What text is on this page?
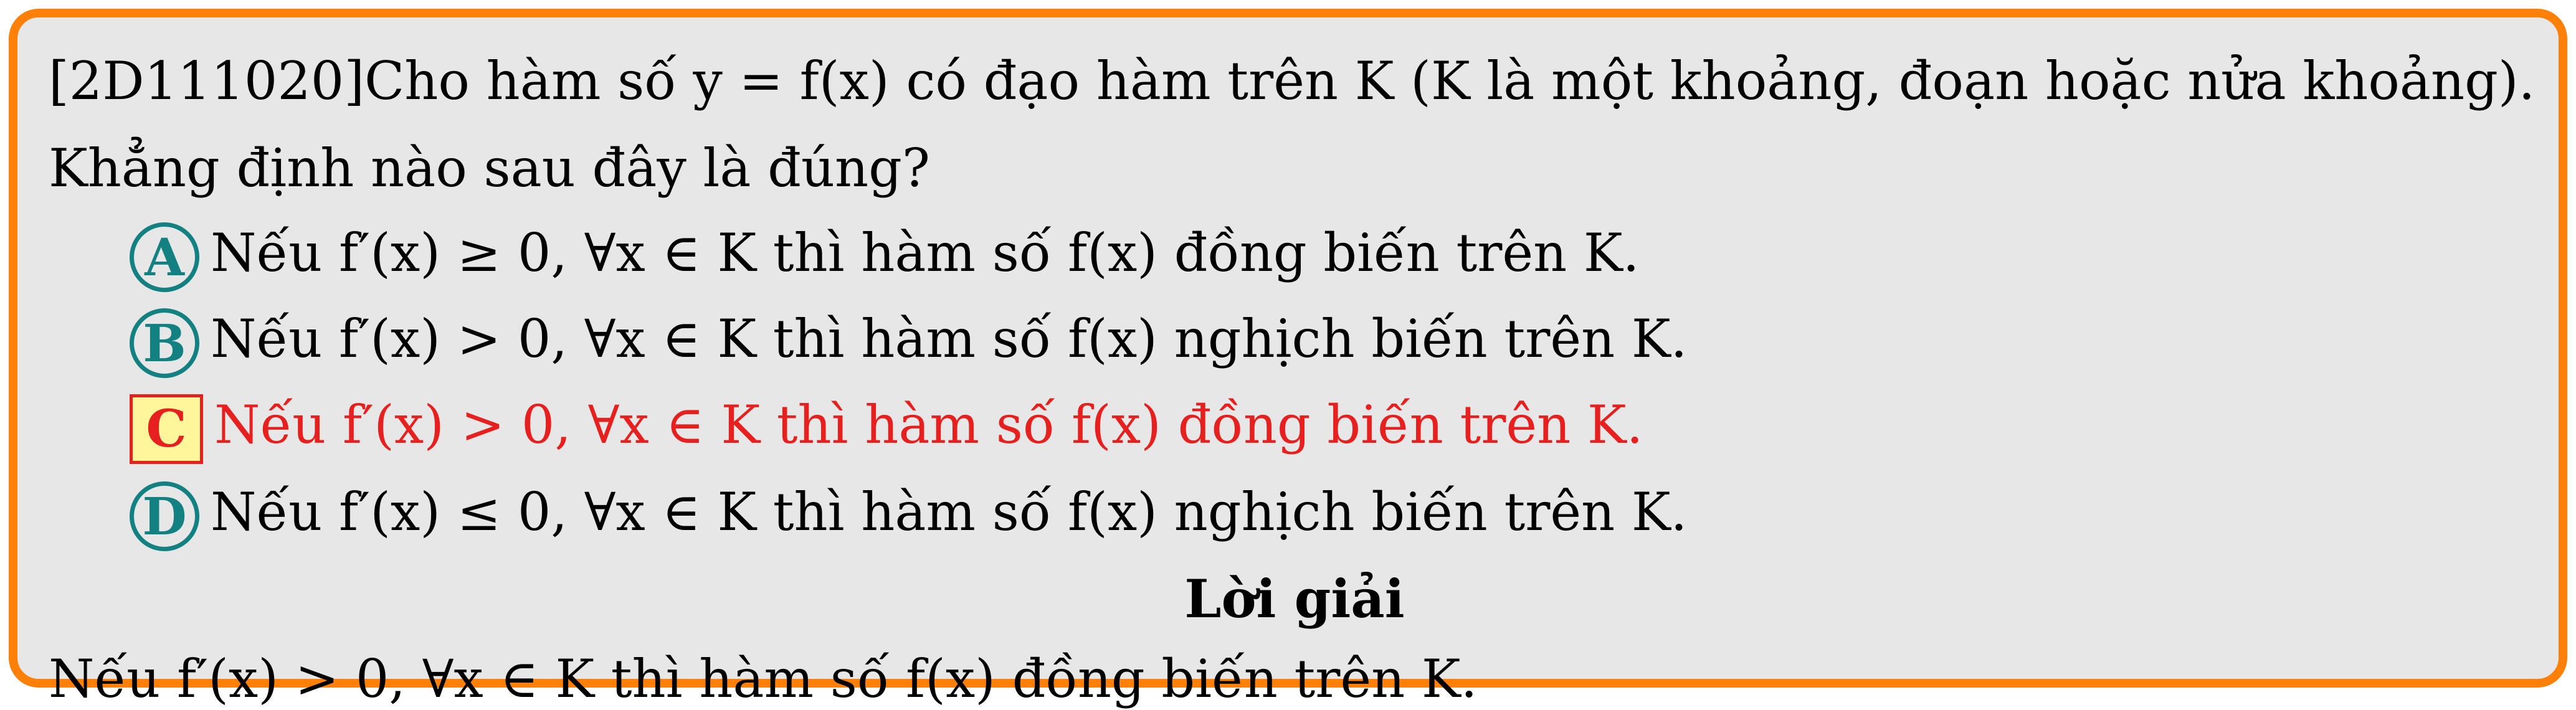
[2D111020]Cho hàm số y = f(x) có đạo hàm trên K (K là một khoảng, đoạn hoặc nửa khoảng).
Khẳng định nào sau đây là đúng?
A Nếu f′(x) ≥ 0, ∀x ∈ K thì hàm số f(x) đồng biến trên K.
B Nếu f′(x) > 0, ∀x ∈ K thì hàm số f(x) nghịch biến trên K.
C Nếu f′(x) > 0, ∀x ∈ K thì hàm số f(x) đồng biến trên K.
D Nếu f′(x) ≤ 0, ∀x ∈ K thì hàm số f(x) nghịch biến trên K.
Lời giải
Nếu f′(x) > 0, ∀x ∈ K thì hàm số f(x) đồng biến trên K.
